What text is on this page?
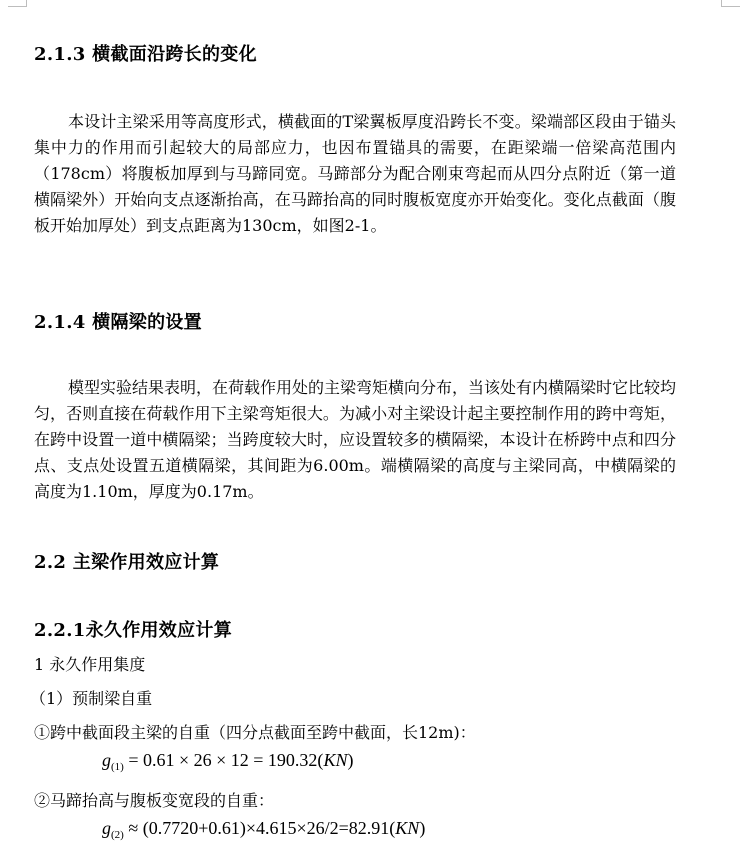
2.1.3 横截面沿跨长的变化

本设计主梁采用等高度形式，横截面的T梁翼板厚度沿跨长不变。梁端部区段由于锚头集中力的作用而引起较大的局部应力，也因布置锚具的需要，在距梁端一倍梁高范围内（178cm）将腹板加厚到与马蹄同宽。马蹄部分为配合刚束弯起而从四分点附近（第一道横隔梁外）开始向支点逐渐抬高，在马蹄抬高的同时腹板宽度亦开始变化。变化点截面（腹板开始加厚处）到支点距离为130cm，如图2-1。

2.1.4 横隔梁的设置

模型实验结果表明，在荷载作用处的主梁弯矩横向分布，当该处有内横隔梁时它比较均匀，否则直接在荷载作用下主梁弯矩很大。为减小对主梁设计起主要控制作用的跨中弯矩，在跨中设置一道中横隔梁；当跨度较大时，应设置较多的横隔梁，本设计在桥跨中点和四分点、支点处设置五道横隔梁，其间距为6.00m。端横隔梁的高度与主梁同高，中横隔梁的高度为1.10m，厚度为0.17m。

2.2 主梁作用效应计算
2.2.1永久作用效应计算
1 永久作用集度
（1）预制梁自重
①跨中截面段主梁的自重（四分点截面至跨中截面，长12m)：
$g_{(1)} = 0.61 \times 26 \times 12 = 190.32(KN)$
②马蹄抬高与腹板变宽段的自重：
$g_{(2)} \approx (0.7720+0.61)\times 4.615\times 26/2=82.91(KN)$
